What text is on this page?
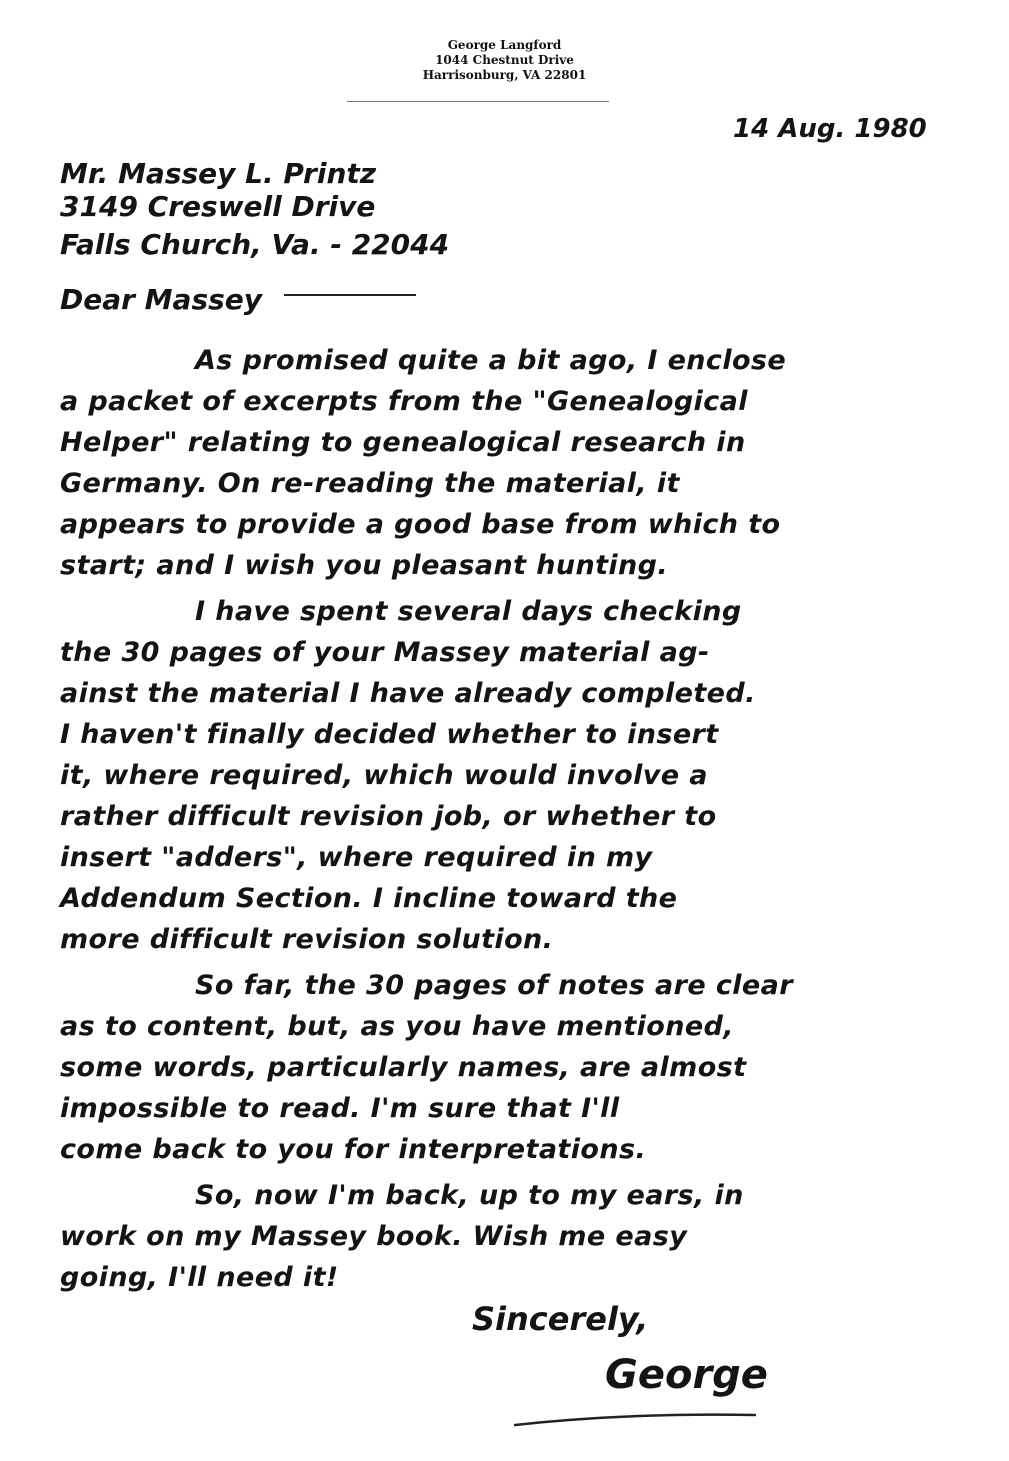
George Langford
1044 Chestnut Drive
Harrisonburg, VA 22801
14 Aug. 1980
Mr. Massey L. Printz
3149 Creswell Drive
Falls Church, Va. - 22044
Dear Massey
As promised quite a bit ago, I enclose
a packet of excerpts from the "Genealogical
Helper" relating to genealogical research in
Germany. On re-reading the material, it
appears to provide a good base from which to
start; and I wish you pleasant hunting.
I have spent several days checking
the 30 pages of your Massey material ag-
ainst the material I have already completed.
I haven't finally decided whether to insert
it, where required, which would involve a
rather difficult revision job, or whether to
insert "adders", where required in my
Addendum Section. I incline toward the
more difficult revision solution.
So far, the 30 pages of notes are clear
as to content, but, as you have mentioned,
some words, particularly names, are almost
impossible to read. I'm sure that I'll
come back to you for interpretations.
So, now I'm back, up to my ears, in
work on my Massey book. Wish me easy
going, I'll need it!
Sincerely,
George
